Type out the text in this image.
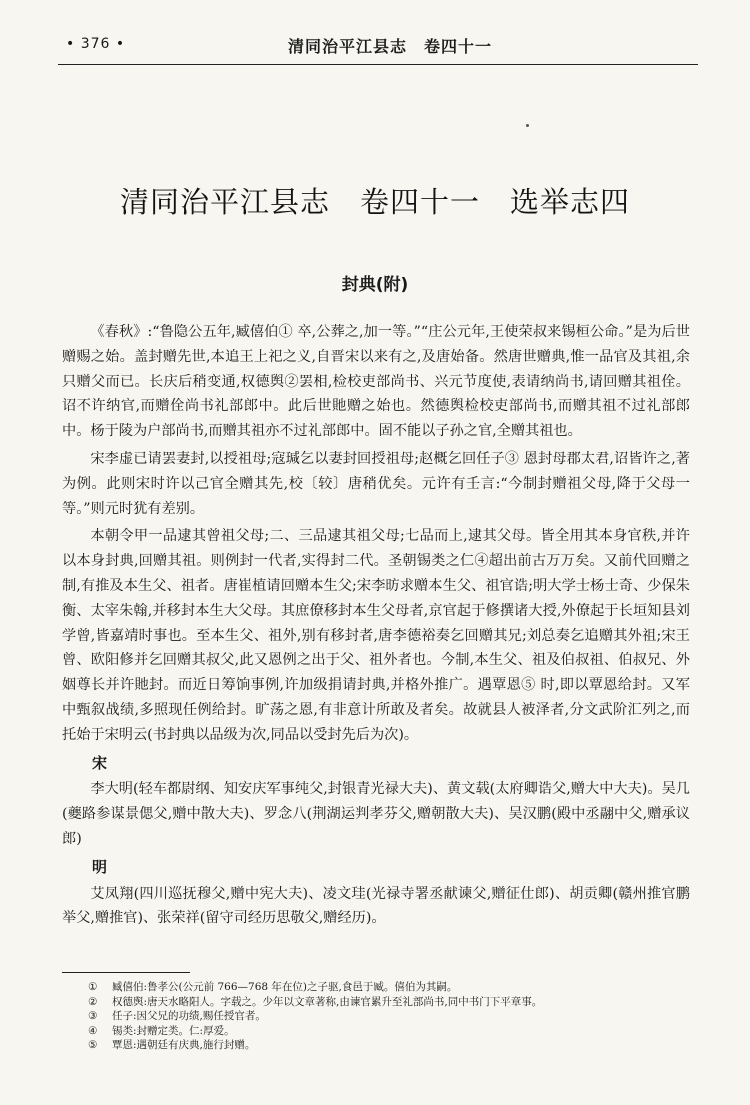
• 376 •	清同治平江县志　卷四十一
清同治平江县志　卷四十一　选举志四
封典(附)

《春秋》:“鲁隐公五年,臧僖伯① 卒,公葬之,加一等。”“庄公元年,王使荣叔来锡桓公命。”是为后世赠赐之始。盖封赠先世,本追王上祀之义,自晋宋以来有之,及唐始备。然唐世赠典,惟一品官及其祖,余只赠父而已。长庆后稍变通,权德舆②罢相,检校吏部尚书、兴元节度使,表请纳尚书,请回赠其祖佺。诏不许纳官,而赠佺尚书礼部郎中。此后世貤赠之始也。然德舆检校吏部尚书,而赠其祖不过礼部郎中。杨于陵为户部尚书,而赠其祖亦不过礼部郎中。固不能以子孙之官,全赠其祖也。

宋李虚已请罢妻封,以授祖母;寇瑊乞以妻封回授祖母;赵概乞回任子③ 恩封母郡太君,诏皆许之,著为例。此则宋时许以己官全赠其先,校〔较〕唐稍优矣。元许有壬言:“今制封赠祖父母,降于父母一等。”则元时犹有差别。

本朝令甲一品逮其曾祖父母;二、三品逮其祖父母;七品而上,逮其父母。皆全用其本身官秩,并许以本身封典,回赠其祖。则例封一代者,实得封二代。圣朝锡类之仁④超出前古万万矣。又前代回赠之制,有推及本生父、祖者。唐崔植请回赠本生父;宋李昉求赠本生父、祖官诰;明大学士杨士奇、少保朱衡、太宰朱翰,并移封本生大父母。其庶僚移封本生父母者,京官起于修撰诸大授,外僚起于长垣知县刘学曾,皆嘉靖时事也。至本生父、祖外,别有移封者,唐李德裕奏乞回赠其兄;刘总奏乞追赠其外祖;宋王曾、欧阳修并乞回赠其叔父,此又恩例之出于父、祖外者也。今制,本生父、祖及伯叔祖、伯叔兄、外姻尊长并许貤封。而近日筹饷事例,许加级捐请封典,并格外推广。遇覃恩⑤ 时,即以覃恩给封。又军中甄叙战绩,多照现任例给封。旷荡之恩,有非意计所敢及者矣。故就县人被泽者,分文武阶汇列之,而托始于宋明云(书封典以品级为次,同品以受封先后为次)。

宋

李大明(轻车都尉纲、知安庆军事纯父,封银青光禄大夫)、黄文载(太府卿诰父,赠大中大夫)。吴几(夔路参谋景偲父,赠中散大夫)、罗念八(荆湖运判孝芬父,赠朝散大夫)、吴汉鹏(殿中丞翮中父,赠承议郎)

明

艾凤翔(四川巡抚穆父,赠中宪大夫)、凌文珪(光禄寺署丞献谏父,赠征仕郎)、胡贡卿(赣州推官鹏举父,赠推官)、张荣祥(留守司经历思敬父,赠经历)。

①	臧僖伯:鲁孝公(公元前 766—768 年在位)之子驱,食邑于臧。僖伯为其嗣。
②	权德舆:唐天水略阳人。字载之。少年以文章著称,由谏官累升至礼部尚书,同中书门下平章事。
③	任子:因父兄的功绩,赐任授官者。
④	锡类:封赠定类。仁:厚爱。
⑤	覃恩:遇朝廷有庆典,施行封赠。
